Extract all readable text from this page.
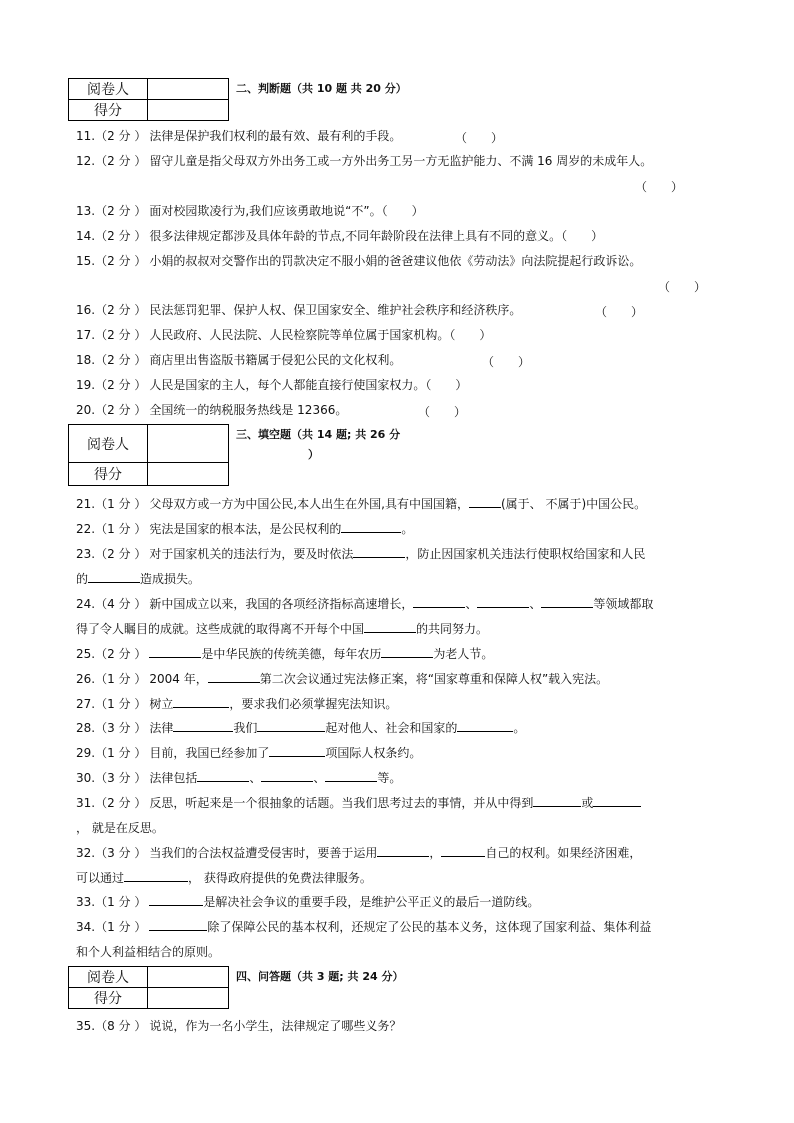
阅卷人	
得分	
二、判断题（共 10 题 共 20 分）
11.（2 分 ） 法律是保护我们权利的最有效、最有利的手段。	（　　）
12.（2 分 ） 留守儿童是指父母双方外出务工或一方外出务工另一方无监护能力、不满 16 周岁的未成年人。
（　　）
13.（2 分 ） 面对校园欺凌行为,我们应该勇敢地说“不”。（　　）
14.（2 分 ） 很多法律规定都涉及具体年龄的节点,不同年龄阶段在法律上具有不同的意义。（　　）
15.（2 分 ） 小娟的叔叔对交警作出的罚款决定不服小娟的爸爸建议他依《劳动法》向法院提起行政诉讼。
（　　）
16.（2 分 ） 民法惩罚犯罪、保护人权、保卫国家安全、维护社会秩序和经济秩序。	（　　）
17.（2 分 ） 人民政府、人民法院、人民检察院等单位属于国家机构。（　　）
18.（2 分 ） 商店里出售盗版书籍属于侵犯公民的文化权利。	（　　）
19.（2 分 ） 人民是国家的主人，每个人都能直接行使国家权力。（　　）
20.（2 分 ） 全国统一的纳税服务热线是 12366。	（　　）
阅卷人	
得分	
三、填空题（共 14 题; 共 26 分
）
21.（1 分 ） 父母双方或一方为中国公民,本人出生在外国,具有中国国籍，	(属于、 不属于)中国公民。
22.（1 分 ） 宪法是国家的根本法，是公民权利的	。
23.（2 分 ） 对于国家机关的违法行为，要及时依法	，防止因国家机关违法行使职权给国家和人民
的	造成损失。
24.（4 分 ） 新中国成立以来，我国的各项经济指标高速增长，	、	、	等领域都取
得了令人瞩目的成就。这些成就的取得离不开每个中国	的共同努力。
25.（2 分 ）	是中华民族的传统美德，每年农历	为老人节。
26.（1 分 ） 2004 年，	第二次会议通过宪法修正案，将“国家尊重和保障人权”载入宪法。
27.（1 分 ） 树立	，要求我们必须掌握宪法知识。
28.（3 分 ） 法律	我们	起对他人、社会和国家的	。
29.（1 分 ） 目前，我国已经参加了	项国际人权条约。
30.（3 分 ） 法律包括	、	、	等。
31.（2 分 ） 反思，听起来是一个很抽象的话题。当我们思考过去的事情，并从中得到	或
， 就是在反思。
32.（3 分 ） 当我们的合法权益遭受侵害时，要善于运用	，	自己的权利。如果经济困难，
可以通过	， 获得政府提供的免费法律服务。
33.（1 分 ）	是解决社会争议的重要手段，是维护公平正义的最后一道防线。
34.（1 分 ）	除了保障公民的基本权利，还规定了公民的基本义务，这体现了国家利益、集体利益
和个人利益相结合的原则。
阅卷人	
得分	
四、问答题（共 3 题; 共 24 分）
35.（8 分 ） 说说，作为一名小学生，法律规定了哪些义务？
